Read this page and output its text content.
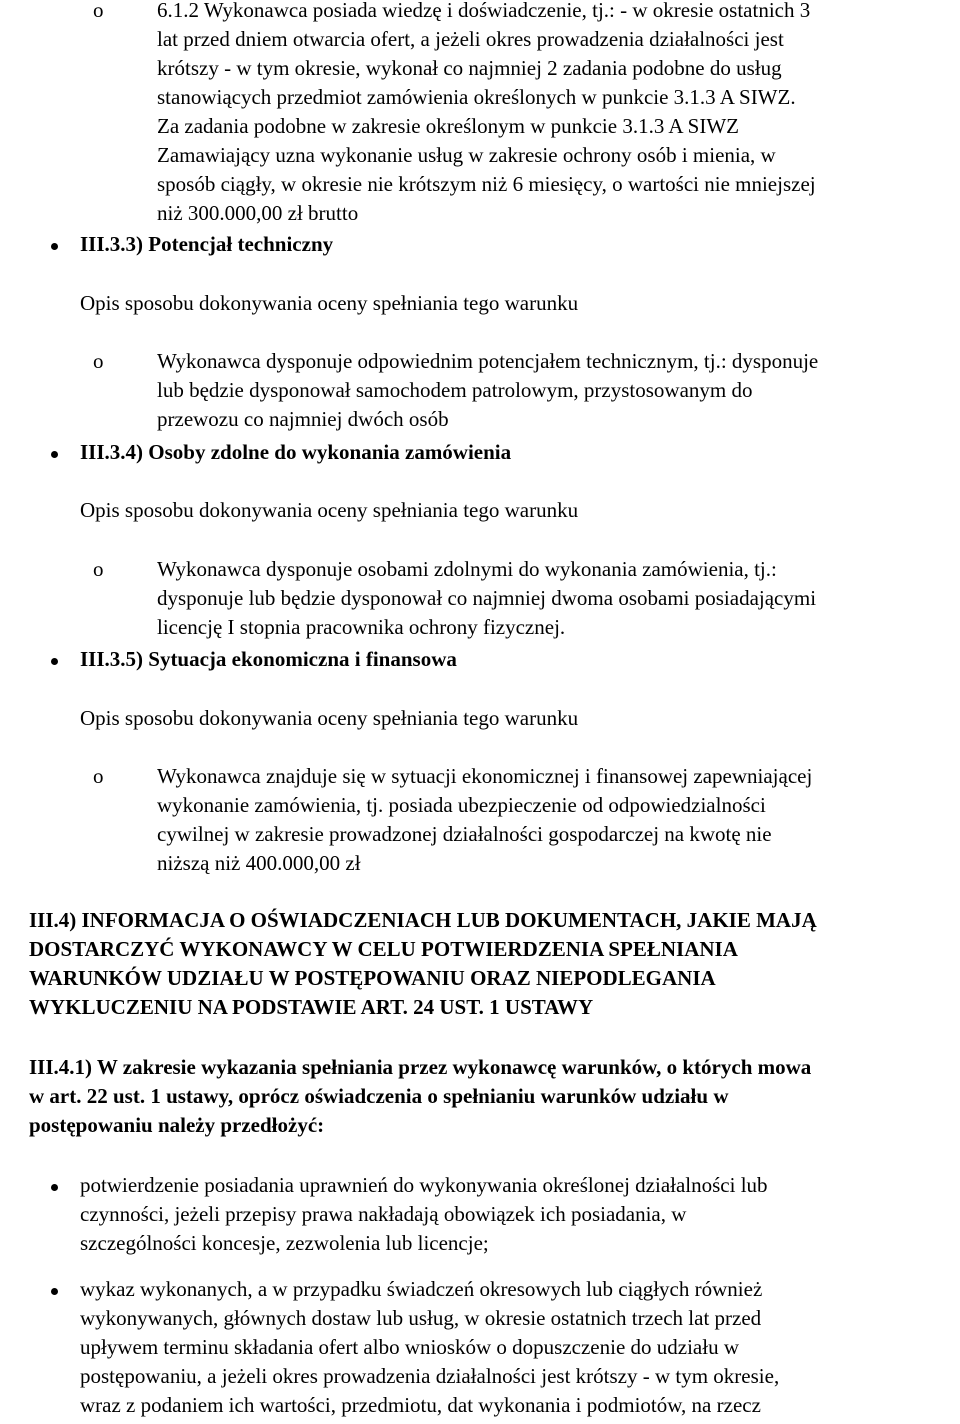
o	6.1.2 Wykonawca posiada wiedzę i doświadczenie, tj.: - w okresie ostatnich 3
lat przed dniem otwarcia ofert, a jeżeli okres prowadzenia działalności jest
krótszy - w tym okresie, wykonał co najmniej 2 zadania podobne do usług
stanowiących przedmiot zamówienia określonych w punkcie 3.1.3 A SIWZ.
Za zadania podobne w zakresie określonym w punkcie 3.1.3 A SIWZ
Zamawiający uzna wykonanie usług w zakresie ochrony osób i mienia, w
sposób ciągły, w okresie nie krótszym niż 6 miesięcy, o wartości nie mniejszej
niż 300.000,00 zł brutto
III.3.3) Potencjał techniczny
Opis sposobu dokonywania oceny spełniania tego warunku
o	Wykonawca dysponuje odpowiednim potencjałem technicznym, tj.: dysponuje
lub będzie dysponował samochodem patrolowym, przystosowanym do
przewozu co najmniej dwóch osób
III.3.4) Osoby zdolne do wykonania zamówienia
Opis sposobu dokonywania oceny spełniania tego warunku
o	Wykonawca dysponuje osobami zdolnymi do wykonania zamówienia, tj.:
dysponuje lub będzie dysponował co najmniej dwoma osobami posiadającymi
licencję I stopnia pracownika ochrony fizycznej.
III.3.5) Sytuacja ekonomiczna i finansowa
Opis sposobu dokonywania oceny spełniania tego warunku
o	Wykonawca znajduje się w sytuacji ekonomicznej i finansowej zapewniającej
wykonanie zamówienia, tj. posiada ubezpieczenie od odpowiedzialności
cywilnej w zakresie prowadzonej działalności gospodarczej na kwotę nie
niższą niż 400.000,00 zł
III.4) INFORMACJA O OŚWIADCZENIACH LUB DOKUMENTACH, JAKIE MAJĄ
DOSTARCZYĆ WYKONAWCY W CELU POTWIERDZENIA SPEŁNIANIA
WARUNKÓW UDZIAŁU W POSTĘPOWANIU ORAZ NIEPODLEGANIA
WYKLUCZENIU NA PODSTAWIE ART. 24 UST. 1 USTAWY
III.4.1) W zakresie wykazania spełniania przez wykonawcę warunków, o których mowa
w art. 22 ust. 1 ustawy, oprócz oświadczenia o spełnianiu warunków udziału w
postępowaniu należy przedłożyć:
potwierdzenie posiadania uprawnień do wykonywania określonej działalności lub
czynności, jeżeli przepisy prawa nakładają obowiązek ich posiadania, w
szczególności koncesje, zezwolenia lub licencje;
wykaz wykonanych, a w przypadku świadczeń okresowych lub ciągłych również
wykonywanych, głównych dostaw lub usług, w okresie ostatnich trzech lat przed
upływem terminu składania ofert albo wniosków o dopuszczenie do udziału w
postępowaniu, a jeżeli okres prowadzenia działalności jest krótszy - w tym okresie,
wraz z podaniem ich wartości, przedmiotu, dat wykonania i podmiotów, na rzecz
